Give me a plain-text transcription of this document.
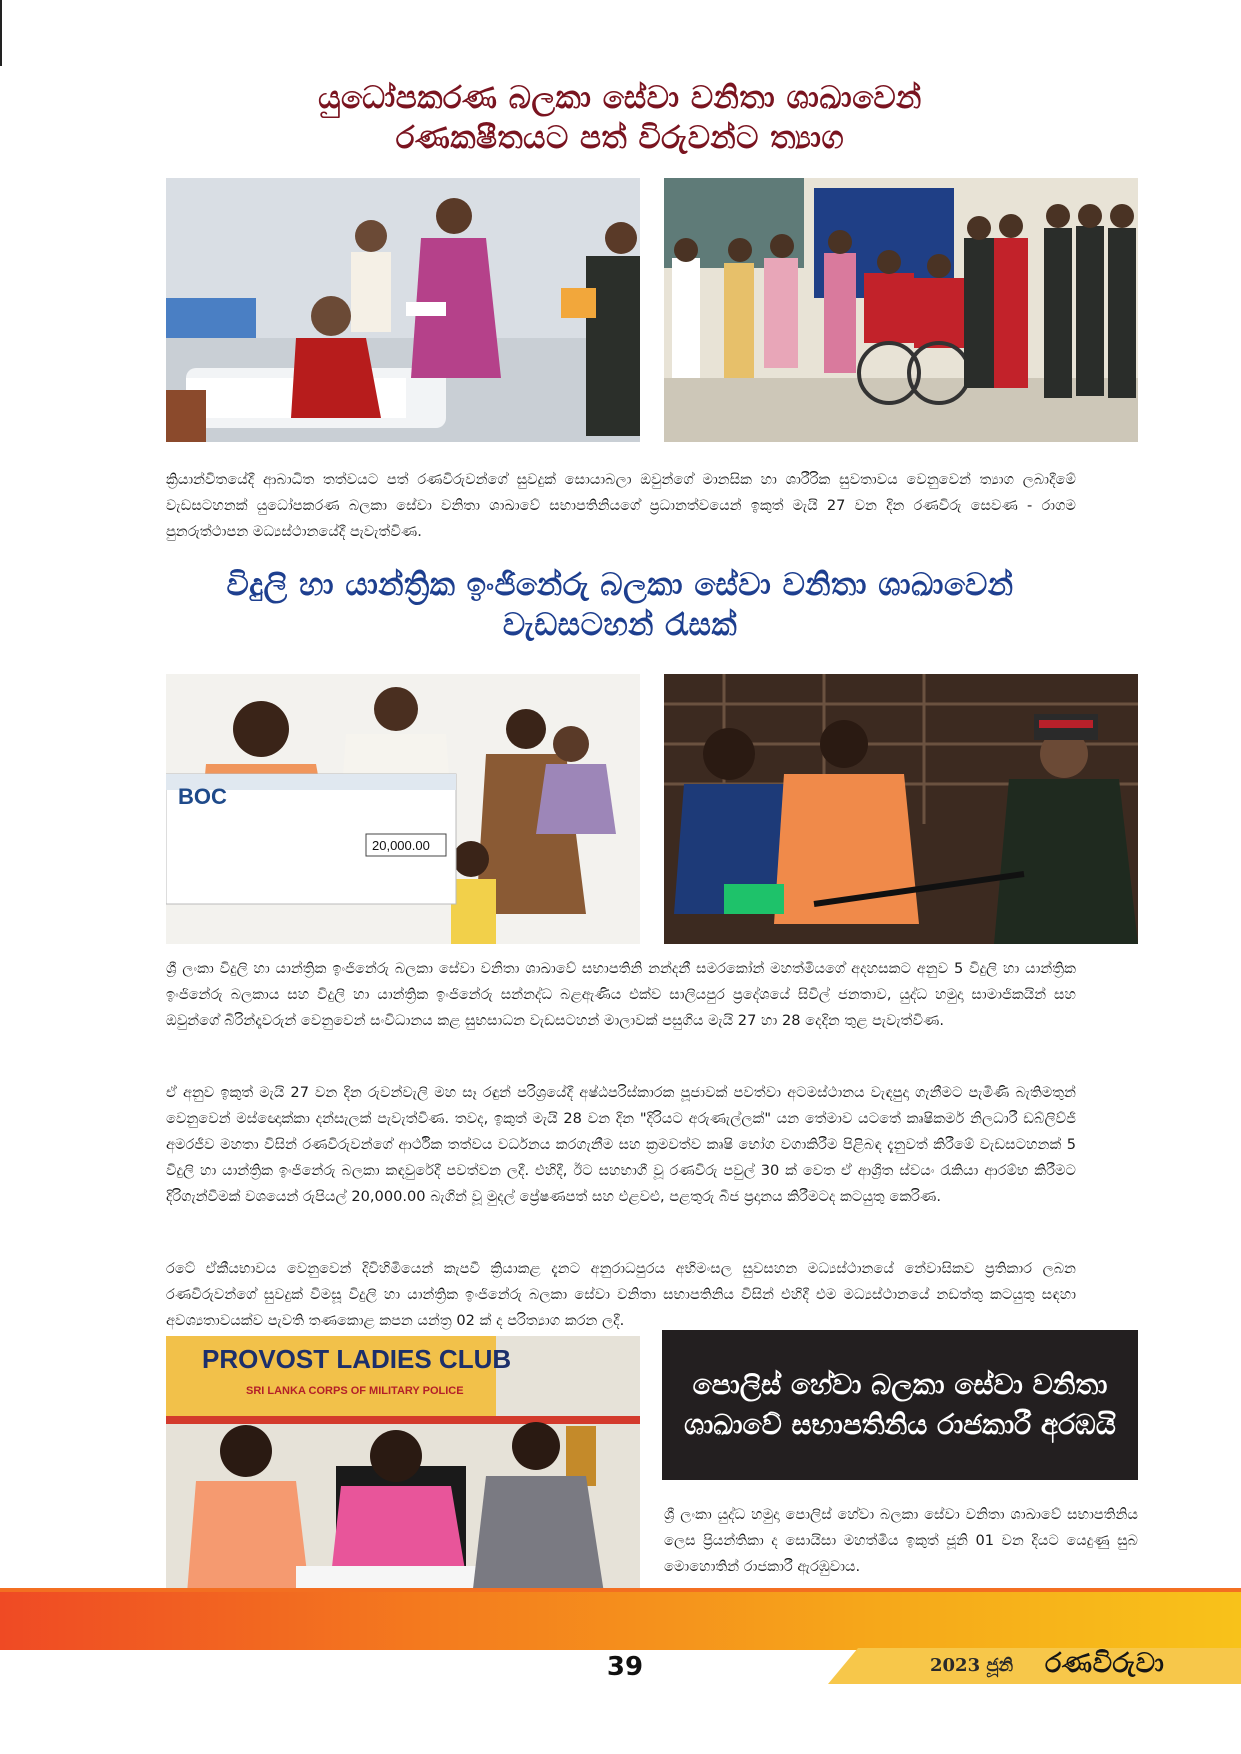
යුධෝපකරණ බලකා සේවා වනිතා ශාඛාවෙන්
රණකෂීතයට පත් විරුවන්ට ත්‍යාග

ක්‍රියාන්විතයේදී ආබාධිත තත්වයට පත් රණවිරුවන්ගේ සුවදුක් සොයාබලා ඔවුන්ගේ මානසික හා ශාරීරික සුවතාවය වෙනුවෙන් ත්‍යාග ලබාදීමේ වැඩසටහනක් යුධෝපකරණ බලකා සේවා වනිතා ශාඛාවේ සභාපතිනියගේ ප්‍රධානත්වයෙන් ඉකුත් මැයි 27 වන දින රණවිරු සෙවණ - රාගම පුනරුත්ථාපන මධ්‍යස්ථානයේදී පැවැත්විණ.

විදුලි හා යාන්ත්‍රික ඉංජිනේරු බලකා සේවා වනිතා ශාඛාවෙන්
වැඩසටහන් රැසක්
BOC
20,000.00

ශ්‍රී ලංකා විදුලි හා යාන්ත්‍රික ඉංජිනේරු බලකා සේවා වනිතා ශාඛාවේ සභාපතිනි නන්දනී සමරකෝන් මහත්මියගේ අදහසකට අනුව 5 විදුලි හා යාන්ත්‍රික ඉංජිනේරු බලකාය සහ විදුලි හා යාන්ත්‍රික ඉංජිනේරු සන්නද්ධ බළඇණිය එක්ව සාලියපුර ප්‍රදේශයේ සිවිල් ජනතාව, යුද්ධ හමුදා සාමාජිකයින් සහ ඔවුන්ගේ බිරින්දෑවරුන් වෙනුවෙන් සංවිධානය කළ සුභසාධන වැඩසටහන් මාලාවක් පසුගිය මැයි 27 හා 28 දෙදින තුළ පැවැත්විණ.

ඒ අනුව ඉකුත් මැයි 27 වන දින රුවන්වැලි මහ සෑ රඳුන් පරිශ්‍රයේදී අෂ්ඨපරිස්කාරක පූජාවක් පවත්වා අටමස්ථානය වැඳපුදා ගැනීමට පැමිණි බැතිමතුන් වෙනුවෙන් මස්ඥොක්කා දන්සැලක් පැවැත්විණ. තවද, ඉකුත් මැයි 28 වන දින "දිරියට අරුණැල්ලක්" යන තේමාව යටතේ කෘෂිකර්ම නිලධාරී ඩබ්ලිව්ජී අමරජීව මහතා විසින් රණවිරුවන්ගේ ආර්ථික තත්වය වර්ධනය කරගැනීම සහ ක්‍රමවත්ව කෘෂි භෝග වගාකිරීම පිළිබඳ දැනුවත් කිරීමේ වැඩසටහනක් 5 විදුලි හා යාන්ත්‍රික ඉංජිනේරු බලකා කඳවුරේදී පවත්වන ලදී. එහිදී, ඊට සහභාගී වූ රණවිරු පවුල් 30 ක් වෙත ඒ ආශ්‍රිත ස්වයං රැකියා ආරම්භ කිරීමට දිරිගැන්වීමක් වශයෙන් රුපියල් 20,000.00 බැගින් වූ මුදල් ප්‍රේෂණපත් සහ එළවළු, පළතුරු බීජ ප්‍රදානය කිරීමටද කටයුතු කෙරිණ.

රටේ ඒකීයභාවය වෙනුවෙන් දිවිහිමියෙන් කැපවී ක්‍රියාකළ දැනට අනුරාධපුරය අභිමංසල සුවසහන මධ්‍යස්ථානයේ නේවාසිකව ප්‍රතිකාර ලබන රණවිරුවන්ගේ සුවදුක් විමසූ විදුලි හා යාන්ත්‍රික ඉංජිනේරු බලකා සේවා වනිතා සභාපතිනිය විසින් එහිදී එම මධ්‍යස්ථානයේ නඩත්තු කටයුතු සඳහා අවශ්‍යතාවයක්ව පැවති තණකොළ කපන යන්ත්‍ර 02 ක් ද පරිත්‍යාග කරන ලදී.

PROVOST LADIES CLUB
SRI LANKA CORPS OF MILITARY POLICE	පොලිස් හේවා බලකා සේවා වනිතා ශාඛාවේ සභාපතිනිය රාජකාරී අරඹයි

ශ්‍රී ලංකා යුද්ධ හමුදා පොලිස් හේවා බලකා සේවා වනිතා ශාඛාවේ සභාපතිනිය ලෙස ප්‍රියන්තිකා ද සොයිසා මහත්මිය ඉකුත් ජූනි 01 වන දියට යෙදුණු සුබ මොහොතින් රාජකාරී ඇරඹුවාය.

39	2023 ජූනි රණවිරුවා
